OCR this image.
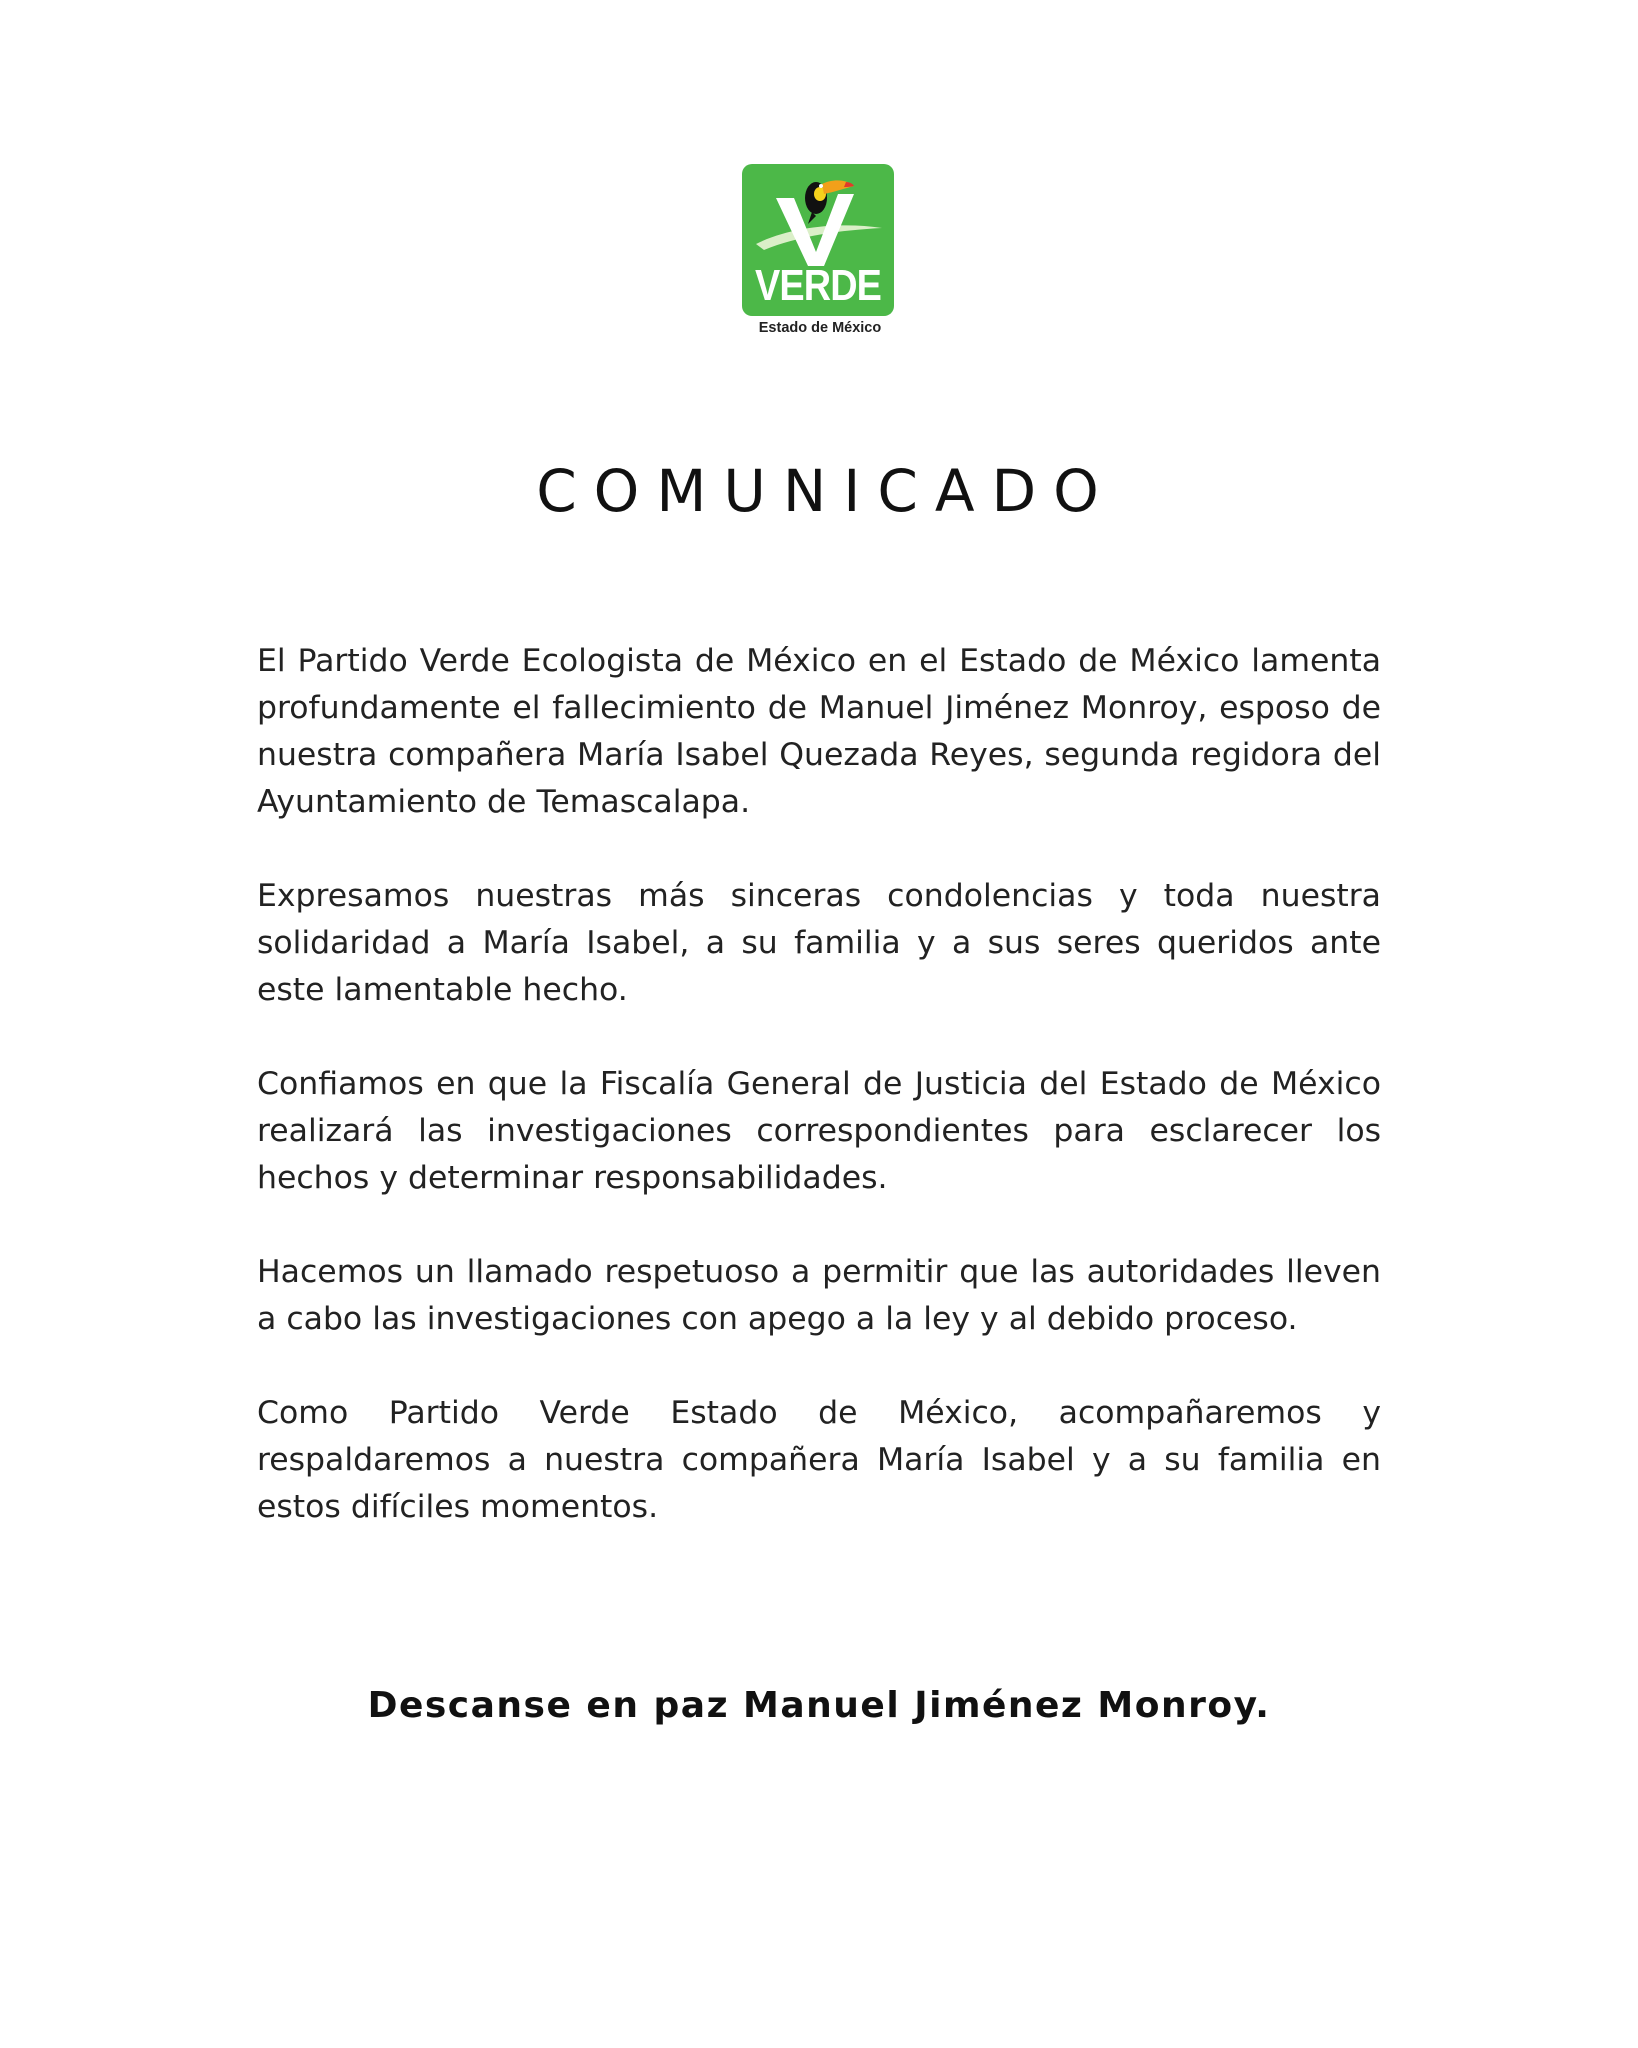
VERDE
Estado de México
COMUNICADO

El Partido Verde Ecologista de México en el Estado de México lamenta profundamente el fallecimiento de Manuel Jiménez Monroy, esposo de nuestra compañera María Isabel Quezada Reyes, segunda regidora del Ayuntamiento de Temascalapa.

Expresamos nuestras más sinceras condolencias y toda nuestra solidaridad a María Isabel, a su familia y a sus seres queridos ante este lamentable hecho.

Confiamos en que la Fiscalía General de Justicia del Estado de México realizará las investigaciones correspondientes para esclarecer los hechos y determinar responsabilidades.

Hacemos un llamado respetuoso a permitir que las autoridades lleven a cabo las investigaciones con apego a la ley y al debido proceso.

Como Partido Verde Estado de México, acompañaremos y respaldaremos a nuestra compañera María Isabel y a su familia en estos difíciles momentos.

Descanse en paz Manuel Jiménez Monroy.
